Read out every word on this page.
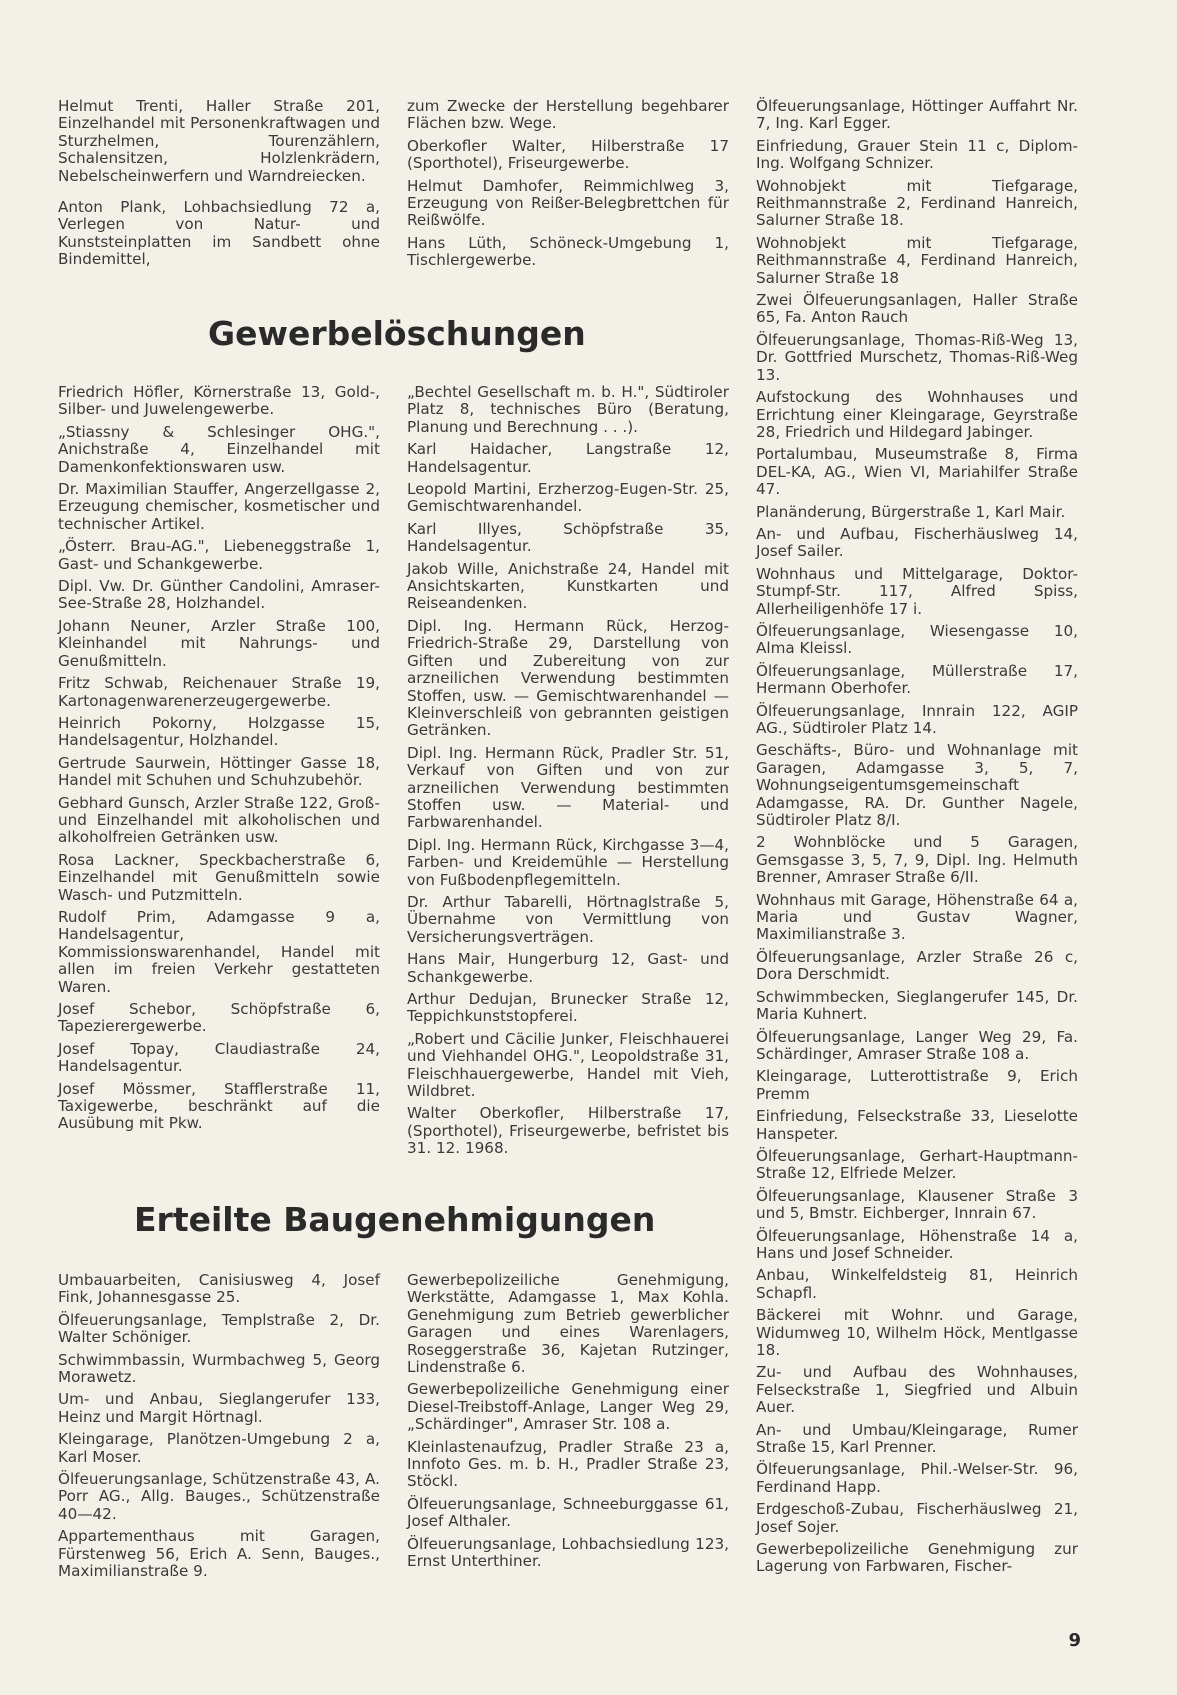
Helmut Trenti, Haller Straße 201, Einzelhandel mit Personenkraftwagen und Sturzhelmen, Tourenzählern, Schalensitzen, Holzlenkrädern, Nebelscheinwerfern und Warndreiecken.

Anton Plank, Lohbachsiedlung 72 a, Verlegen von Natur- und Kunststeinplatten im Sandbett ohne Bindemittel,

zum Zwecke der Herstellung begehbarer Flächen bzw. Wege.

Oberkofler Walter, Hilberstraße 17 (Sporthotel), Friseurgewerbe.

Helmut Damhofer, Reimmichlweg 3, Erzeugung von Reißer-Belegbrettchen für Reißwölfe.

Hans Lüth, Schöneck-Umgebung 1, Tischlergewerbe.

Gewerbelöschungen

Friedrich Höfler, Körnerstraße 13, Gold-, Silber- und Juwelengewerbe.

„Stiassny & Schlesinger OHG.", Anichstraße 4, Einzelhandel mit Damenkonfektionswaren usw.

Dr. Maximilian Stauffer, Angerzellgasse 2, Erzeugung chemischer, kosmetischer und technischer Artikel.

„Österr. Brau-AG.", Liebeneggstraße 1, Gast- und Schankgewerbe.

Dipl. Vw. Dr. Günther Candolini, Amraser-See-Straße 28, Holzhandel.

Johann Neuner, Arzler Straße 100, Kleinhandel mit Nahrungs- und Genußmitteln.

Fritz Schwab, Reichenauer Straße 19, Kartonagenwarenerzeugergewerbe.

Heinrich Pokorny, Holzgasse 15, Handelsagentur, Holzhandel.

Gertrude Saurwein, Höttinger Gasse 18, Handel mit Schuhen und Schuhzubehör.

Gebhard Gunsch, Arzler Straße 122, Groß- und Einzelhandel mit alkoholischen und alkoholfreien Getränken usw.

Rosa Lackner, Speckbacherstraße 6, Einzelhandel mit Genußmitteln sowie Wasch- und Putzmitteln.

Rudolf Prim, Adamgasse 9 a, Handelsagentur, Kommissionswarenhandel, Handel mit allen im freien Verkehr gestatteten Waren.

Josef Schebor, Schöpfstraße 6, Tapezierergewerbe.

Josef Topay, Claudiastraße 24, Handelsagentur.

Josef Mössmer, Stafflerstraße 11, Taxigewerbe, beschränkt auf die Ausübung mit Pkw.

„Bechtel Gesellschaft m. b. H.", Südtiroler Platz 8, technisches Büro (Beratung, Planung und Berechnung . . .).

Karl Haidacher, Langstraße 12, Handelsagentur.

Leopold Martini, Erzherzog-Eugen-Str. 25, Gemischtwarenhandel.

Karl Illyes, Schöpfstraße 35, Handelsagentur.

Jakob Wille, Anichstraße 24, Handel mit Ansichtskarten, Kunstkarten und Reiseandenken.

Dipl. Ing. Hermann Rück, Herzog-Friedrich-Straße 29, Darstellung von Giften und Zubereitung von zur arzneilichen Verwendung bestimmten Stoffen, usw. — Gemischtwarenhandel — Kleinverschleiß von gebrannten geistigen Getränken.

Dipl. Ing. Hermann Rück, Pradler Str. 51, Verkauf von Giften und von zur arzneilichen Verwendung bestimmten Stoffen usw. — Material- und Farbwarenhandel.

Dipl. Ing. Hermann Rück, Kirchgasse 3—4, Farben- und Kreidemühle — Herstellung von Fußbodenpflegemitteln.

Dr. Arthur Tabarelli, Hörtnaglstraße 5, Übernahme von Vermittlung von Versicherungsverträgen.

Hans Mair, Hungerburg 12, Gast- und Schankgewerbe.

Arthur Dedujan, Brunecker Straße 12, Teppichkunststopferei.

„Robert und Cäcilie Junker, Fleischhauerei und Viehhandel OHG.", Leopoldstraße 31, Fleischhauergewerbe, Handel mit Vieh, Wildbret.

Walter Oberkofler, Hilberstraße 17, (Sporthotel), Friseurgewerbe, befristet bis 31. 12. 1968.

Erteilte Baugenehmigungen

Umbauarbeiten, Canisiusweg 4, Josef Fink, Johannesgasse 25.

Ölfeuerungsanlage, Templstraße 2, Dr. Walter Schöniger.

Schwimmbassin, Wurmbachweg 5, Georg Morawetz.

Um- und Anbau, Sieglangerufer 133, Heinz und Margit Hörtnagl.

Kleingarage, Planötzen-Umgebung 2 a, Karl Moser.

Ölfeuerungsanlage, Schützenstraße 43, A. Porr AG., Allg. Bauges., Schützenstraße 40—42.

Appartementhaus mit Garagen, Fürstenweg 56, Erich A. Senn, Bauges., Maximilianstraße 9.

Gewerbepolizeiliche Genehmigung, Werkstätte, Adamgasse 1, Max Kohla. Genehmigung zum Betrieb gewerblicher Garagen und eines Warenlagers, Roseggerstraße 36, Kajetan Rutzinger, Lindenstraße 6.

Gewerbepolizeiliche Genehmigung einer Diesel-Treibstoff-Anlage, Langer Weg 29, „Schärdinger", Amraser Str. 108 a.

Kleinlastenaufzug, Pradler Straße 23 a, Innfoto Ges. m. b. H., Pradler Straße 23, Stöckl.

Ölfeuerungsanlage, Schneeburggasse 61, Josef Althaler.

Ölfeuerungsanlage, Lohbachsiedlung 123, Ernst Unterthiner.

Ölfeuerungsanlage, Höttinger Auffahrt Nr. 7, Ing. Karl Egger.

Einfriedung, Grauer Stein 11 c, Diplom-Ing. Wolfgang Schnizer.

Wohnobjekt mit Tiefgarage, Reithmannstraße 2, Ferdinand Hanreich, Salurner Straße 18.

Wohnobjekt mit Tiefgarage, Reithmannstraße 4, Ferdinand Hanreich, Salurner Straße 18

Zwei Ölfeuerungsanlagen, Haller Straße 65, Fa. Anton Rauch

Ölfeuerungsanlage, Thomas-Riß-Weg 13, Dr. Gottfried Murschetz, Thomas-Riß-Weg 13.

Aufstockung des Wohnhauses und Errichtung einer Kleingarage, Geyrstraße 28, Friedrich und Hildegard Jabinger.

Portalumbau, Museumstraße 8, Firma DEL-KA, AG., Wien VI, Mariahilfer Straße 47.

Planänderung, Bürgerstraße 1, Karl Mair.

An- und Aufbau, Fischerhäuslweg 14, Josef Sailer.

Wohnhaus und Mittelgarage, Doktor-Stumpf-Str. 117, Alfred Spiss, Allerheiligenhöfe 17 i.

Ölfeuerungsanlage, Wiesengasse 10, Alma Kleissl.

Ölfeuerungsanlage, Müllerstraße 17, Hermann Oberhofer.

Ölfeuerungsanlage, Innrain 122, AGIP AG., Südtiroler Platz 14.

Geschäfts-, Büro- und Wohnanlage mit Garagen, Adamgasse 3, 5, 7, Wohnungseigentumsgemeinschaft Adamgasse, RA. Dr. Gunther Nagele, Südtiroler Platz 8/I.

2 Wohnblöcke und 5 Garagen, Gemsgasse 3, 5, 7, 9, Dipl. Ing. Helmuth Brenner, Amraser Straße 6/II.

Wohnhaus mit Garage, Höhenstraße 64 a, Maria und Gustav Wagner, Maximilianstraße 3.

Ölfeuerungsanlage, Arzler Straße 26 c, Dora Derschmidt.

Schwimmbecken, Sieglangerufer 145, Dr. Maria Kuhnert.

Ölfeuerungsanlage, Langer Weg 29, Fa. Schärdinger, Amraser Straße 108 a.

Kleingarage, Lutterottistraße 9, Erich Premm

Einfriedung, Felseckstraße 33, Lieselotte Hanspeter.

Ölfeuerungsanlage, Gerhart-Hauptmann-Straße 12, Elfriede Melzer.

Ölfeuerungsanlage, Klausener Straße 3 und 5, Bmstr. Eichberger, Innrain 67.

Ölfeuerungsanlage, Höhenstraße 14 a, Hans und Josef Schneider.

Anbau, Winkelfeldsteig 81, Heinrich Schapfl.

Bäckerei mit Wohnr. und Garage, Widumweg 10, Wilhelm Höck, Mentlgasse 18.

Zu- und Aufbau des Wohnhauses, Felseckstraße 1, Siegfried und Albuin Auer.

An- und Umbau/Kleingarage, Rumer Straße 15, Karl Prenner.

Ölfeuerungsanlage, Phil.-Welser-Str. 96, Ferdinand Happ.

Erdgeschoß-Zubau, Fischerhäuslweg 21, Josef Sojer.

Gewerbepolizeiliche Genehmigung zur Lagerung von Farbwaren, Fischer-

9
